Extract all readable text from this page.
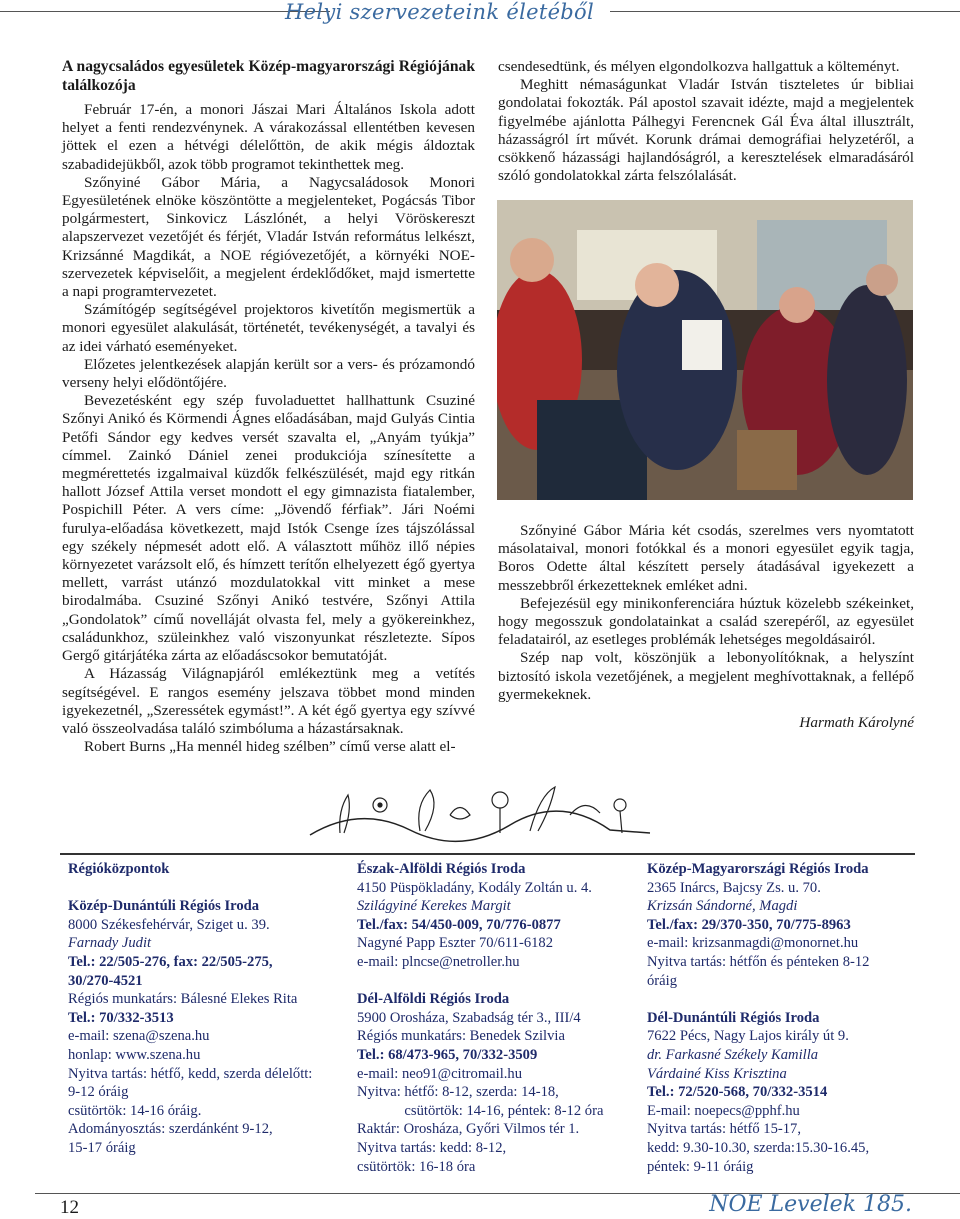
Helyi szervezeteink életéből
A nagycsaládos egyesületek Közép-magyarországi Régiójának találkozója

Február 17-én, a monori Jászai Mari Általános Iskola adott helyet a fenti rendezvénynek. A várakozással ellentétben kevesen jöttek el ezen a hétvégi délelőttön, de akik mégis áldoztak szabadidejükből, azok több programot tekinthettek meg.

Szőnyiné Gábor Mária, a Nagycsaládosok Monori Egyesületének elnöke köszöntötte a megjelenteket, Pogácsás Tibor polgármestert, Sinkovicz Lászlónét, a helyi Vöröskereszt alapszervezet vezetőjét és férjét, Vladár István református lelkészt, Krizsánné Magdikát, a NOE régióvezetőjét, a környéki NOE-szervezetek képviselőit, a megjelent érdeklődőket, majd ismertette a napi programtervezetet.

Számítógép segítségével projektoros kivetítőn megismertük a monori egyesület alakulását, történetét, tevékenységét, a tavalyi és az idei várható eseményeket.

Előzetes jelentkezések alapján került sor a vers- és prózamondó verseny helyi elődöntőjére.

Bevezetésként egy szép fuvoladuettet hallhattunk Csuziné Szőnyi Anikó és Körmendi Ágnes előadásában, majd Gulyás Cintia Petőfi Sándor egy kedves versét szavalta el, „Anyám tyúkja” címmel. Zainkó Dániel zenei produkciója színesítette a megmérettetés izgalmaival küzdők felkészülését, majd egy ritkán hallott József Attila verset mondott el egy gimnazista fiatalember, Pospichill Péter. A vers címe: „Jövendő férfiak”. Jári Noémi furulya-előadása következett, majd Istók Csenge ízes tájszólással egy székely népmesét adott elő. A választott műhöz illő népies környezetet varázsolt elő, és hímzett terítőn elhelyezett égő gyertya mellett, varrást utánzó mozdulatokkal vitt minket a mese birodalmába. Csuziné Szőnyi Anikó testvére, Szőnyi Attila „Gondolatok” című novelláját olvasta fel, mely a gyökereinkhez, családunkhoz, szüleinkhez való viszonyunkat részletezte. Sípos Gergő gitárjátéka zárta az előadáscsokor bemutatóját.

A Házasság Világnapjáról emlékeztünk meg a vetítés segítségével. E rangos esemény jelszava többet mond minden igyekezetnél, „Szeressétek egymást!”. A két égő gyertya egy szívvé való összeolvadása találó szimbóluma a házastársaknak.

Robert Burns „Ha mennél hideg szélben” című verse alatt el-

csendesedtünk, és mélyen elgondolkozva hallgattuk a költeményt.

Meghitt némaságunkat Vladár István tiszteletes úr bibliai gondolatai fokozták. Pál apostol szavait idézte, majd a megjelentek figyelmébe ajánlotta Pálhegyi Ferencnek Gál Éva által illusztrált, házasságról írt művét. Korunk drámai demográfiai helyzetéről, a csökkenő házassági hajlandóságról, a keresztelések elmaradásáról szóló gondolatokkal zárta felszólalását.

Szőnyiné Gábor Mária két csodás, szerelmes vers nyomtatott másolataival, monori fotókkal és a monori egyesület egyik tagja, Boros Odette által készített persely átadásával igyekezett a messzebbről érkezetteknek emléket adni.

Befejezésül egy minikonferenciára húztuk közelebb székeinket, hogy megosszuk gondolatainkat a család szerepéről, az egyesület feladatairól, az esetleges problémák lehetséges megoldásairól.

Szép nap volt, köszönjük a lebonyolítóknak, a helyszínt biztosító iskola vezetőjének, a megjelent meghívottaknak, a fellépő gyermekeknek.

Harmath Károlyné
Régióközpontok
Közép-Dunántúli Régiós Iroda
8000 Székesfehérvár, Sziget u. 39.
Farnady Judit
Tel.: 22/505-276, fax: 22/505-275,
30/270-4521
Régiós munkatárs: Bálesné Elekes Rita
Tel.: 70/332-3513
e-mail: szena@szena.hu
honlap: www.szena.hu
Nyitva tartás: hétfő, kedd, szerda délelőtt:
9-12 óráig
csütörtök: 14-16 óráig.
Adományosztás: szerdánként 9-12,
15-17 óráig
Észak-Alföldi Régiós Iroda
4150 Püspökladány, Kodály Zoltán u. 4.
Szilágyiné Kerekes Margit
Tel./fax: 54/450-009, 70/776-0877
Nagyné Papp Eszter 70/611-6182
e-mail: plncse@netroller.hu
Dél-Alföldi Régiós Iroda
5900 Orosháza, Szabadság tér 3., III/4
Régiós munkatárs: Benedek Szilvia
Tel.: 68/473-965, 70/332-3509
e-mail: neo91@citromail.hu
Nyitva: hétfő: 8-12, szerda: 14-18,
csütörtök: 14-16, péntek: 8-12 óra
Raktár: Orosháza, Győri Vilmos tér 1.
Nyitva tartás: kedd: 8-12,
csütörtök: 16-18 óra
Közép-Magyarországi Régiós Iroda
2365 Inárcs, Bajcsy Zs. u. 70.
Krizsán Sándorné, Magdi
Tel./fax: 29/370-350, 70/775-8963
e-mail: krizsanmagdi@monornet.hu
Nyitva tartás: hétfőn és pénteken 8-12
óráig
Dél-Dunántúli Régiós Iroda
7622 Pécs, Nagy Lajos király út 9.
dr. Farkasné Székely Kamilla
Várdainé Kiss Krisztina
Tel.: 72/520-568, 70/332-3514
E-mail: noepecs@pphf.hu
Nyitva tartás: hétfő 15-17,
kedd: 9.30-10.30, szerda:15.30-16.45,
péntek: 9-11 óráig
12	NOE Levelek 185.
